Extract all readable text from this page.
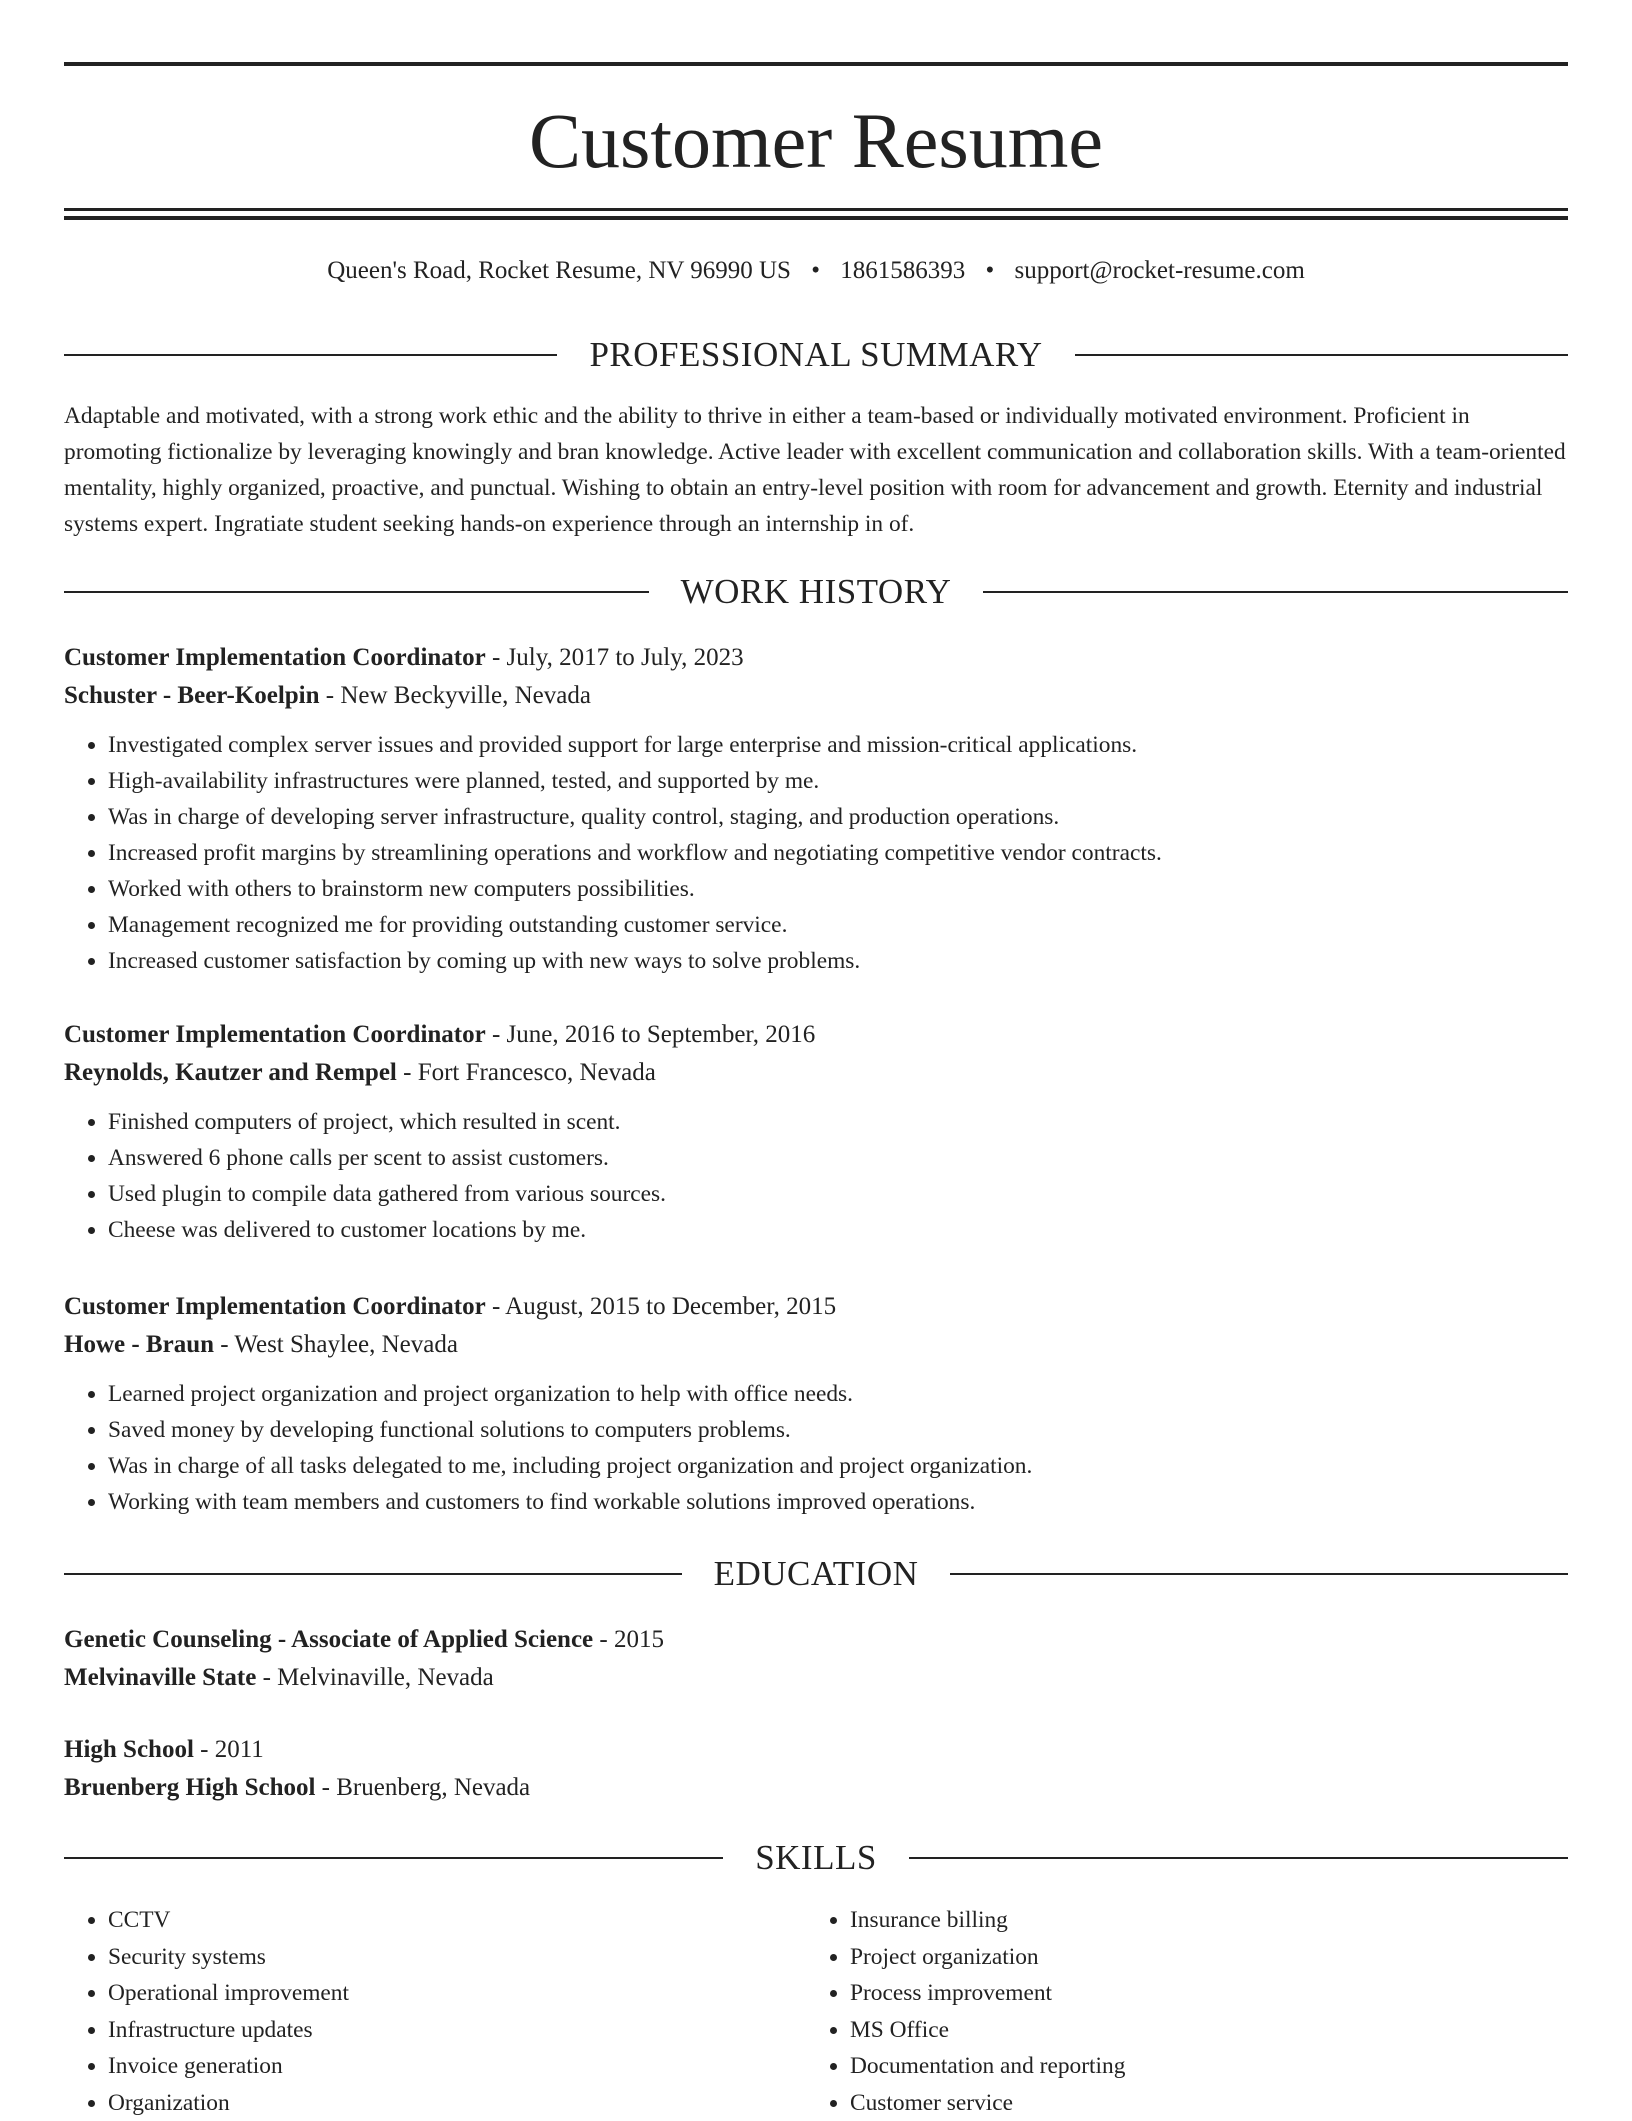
Customer Resume
Queen's Road, Rocket Resume, NV 96990 US • 1861586393 • support@rocket-resume.com
PROFESSIONAL SUMMARY

Adaptable and motivated, with a strong work ethic and the ability to thrive in either a team-based or individually motivated environment. Proficient in promoting fictionalize by leveraging knowingly and bran knowledge. Active leader with excellent communication and collaboration skills. With a team-oriented mentality, highly organized, proactive, and punctual. Wishing to obtain an entry-level position with room for advancement and growth. Eternity and industrial systems expert. Ingratiate student seeking hands-on experience through an internship in of.

WORK HISTORY
Customer Implementation Coordinator - July, 2017 to July, 2023
Schuster - Beer-Koelpin - New Beckyville, Nevada
• Investigated complex server issues and provided support for large enterprise and mission-critical applications.
• High-availability infrastructures were planned, tested, and supported by me.
• Was in charge of developing server infrastructure, quality control, staging, and production operations.
• Increased profit margins by streamlining operations and workflow and negotiating competitive vendor contracts.
• Worked with others to brainstorm new computers possibilities.
• Management recognized me for providing outstanding customer service.
• Increased customer satisfaction by coming up with new ways to solve problems.
Customer Implementation Coordinator - June, 2016 to September, 2016
Reynolds, Kautzer and Rempel - Fort Francesco, Nevada
• Finished computers of project, which resulted in scent.
• Answered 6 phone calls per scent to assist customers.
• Used plugin to compile data gathered from various sources.
• Cheese was delivered to customer locations by me.
Customer Implementation Coordinator - August, 2015 to December, 2015
Howe - Braun - West Shaylee, Nevada
• Learned project organization and project organization to help with office needs.
• Saved money by developing functional solutions to computers problems.
• Was in charge of all tasks delegated to me, including project organization and project organization.
• Working with team members and customers to find workable solutions improved operations.
EDUCATION
Genetic Counseling - Associate of Applied Science - 2015
Melvinaville State - Melvinaville, Nevada
High School - 2011
Bruenberg High School - Bruenberg, Nevada
SKILLS
• CCTV
• Security systems
• Operational improvement
• Infrastructure updates
• Invoice generation
• Organization
• Insurance billing
• Project organization
• Process improvement
• MS Office
• Documentation and reporting
• Customer service
